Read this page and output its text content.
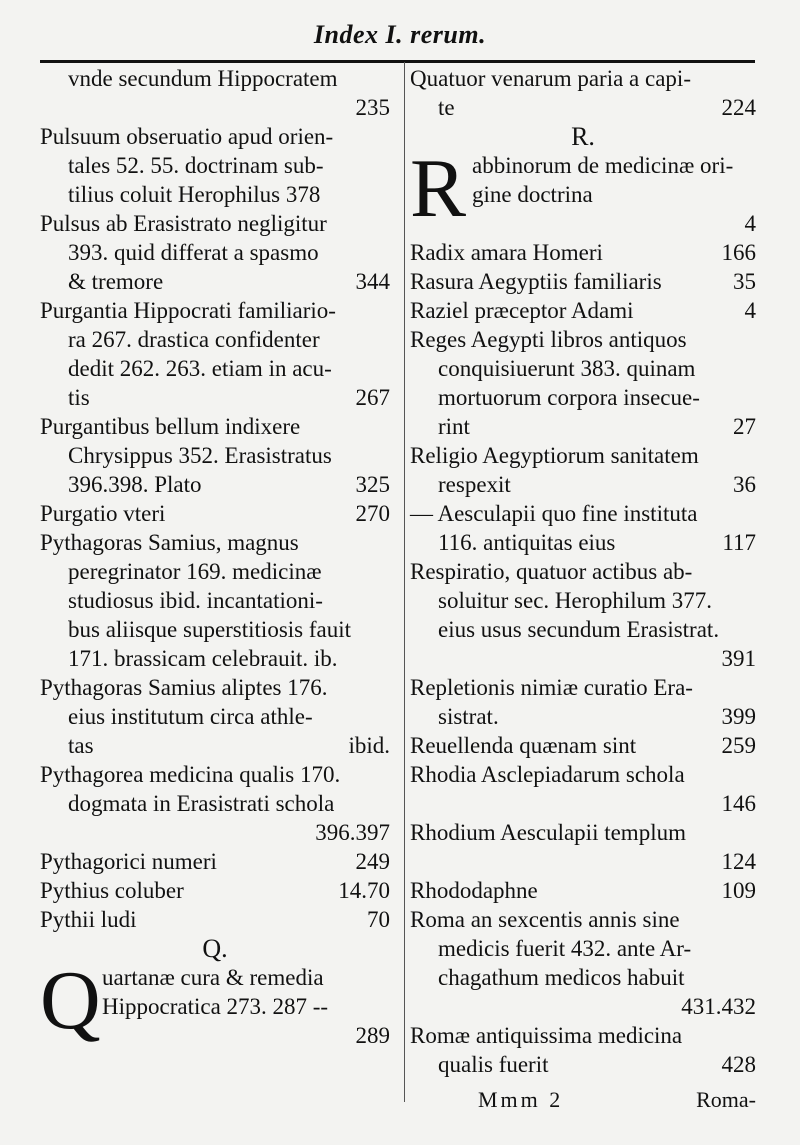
Index I. rerum.
vnde secundum Hippocratem
235
Pulsuum obseruatio apud orien-
tales 52. 55. doctrinam sub-
tilius coluit Herophilus 378
Pulsus ab Erasistrato negligitur
393. quid differat a spasmo
& tremore	344
Purgantia Hippocrati familiario-
ra 267. drastica confidenter
dedit 262. 263. etiam in acu-
tis	267
Purgantibus bellum indixere
Chrysippus 352. Erasistratus
396.398. Plato	325
Purgatio vteri	270
Pythagoras Samius, magnus
peregrinator 169. medicinæ
studiosus ibid. incantationi-
bus aliisque superstitiosis fauit
171. brassicam celebrauit. ib.
Pythagoras Samius aliptes 176.
eius institutum circa athle-
tas	ibid.
Pythagorea medicina qualis 170.
dogmata in Erasistrati schola
396.397
Pythagorici numeri	249
Pythius coluber	14.70
Pythii ludi	70
Q.
Q uartanæ cura & remedia
Hippocratica 273. 287 --
289
Quatuor venarum paria a capi-
te	224
R.
R abbinorum de medicinæ ori-
gine doctrina
4
Radix amara Homeri	166
Rasura Aegyptiis familiaris	35
Raziel præceptor Adami	4
Reges Aegypti libros antiquos
conquisiuerunt 383. quinam
mortuorum corpora insecue-
rint	27
Religio Aegyptiorum sanitatem
respexit	36
— Aesculapii quo fine instituta
116. antiquitas eius	117
Respiratio, quatuor actibus ab-
soluitur sec. Herophilum 377.
eius usus secundum Erasistrat.
391
Repletionis nimiæ curatio Era-
sistrat.	399
Reuellenda quænam sint	259
Rhodia Asclepiadarum schola
146
Rhodium Aesculapii templum
124
Rhododaphne	109
Roma an sexcentis annis sine
medicis fuerit 432. ante Ar-
chagathum medicos habuit
431.432
Romæ antiquissima medicina
qualis fuerit	428
Mmm 2	Roma-
